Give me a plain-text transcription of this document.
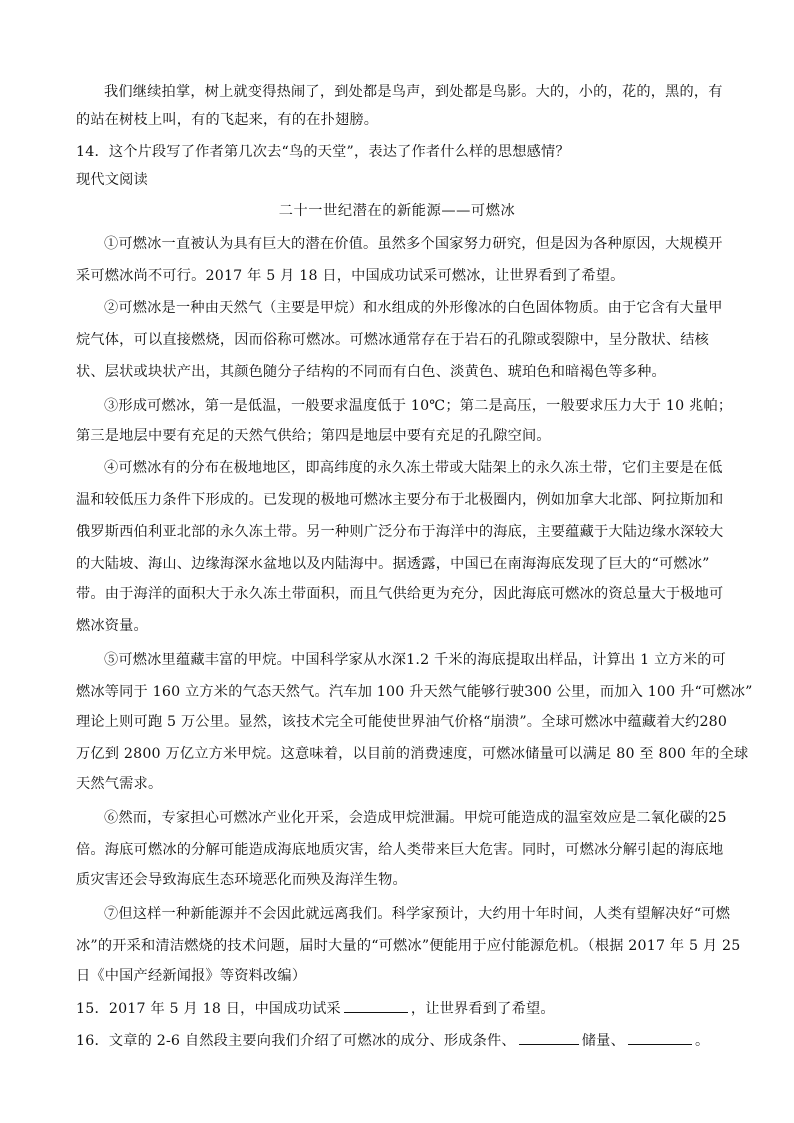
我们继续拍掌，树上就变得热闹了，到处都是鸟声，到处都是鸟影。大的，小的，花的，黑的，有
的站在树枝上叫，有的飞起来，有的在扑翅膀。
14．这个片段写了作者第几次去“鸟的天堂”，表达了作者什么样的思想感情？
现代文阅读
二十一世纪潜在的新能源——可燃冰
①可燃冰一直被认为具有巨大的潜在价值。虽然多个国家努力研究，但是因为各种原因，大规模开
采可燃冰尚不可行。2017 年 5 月 18 日，中国成功试采可燃冰，让世界看到了希望。
②可燃冰是一种由天然气（主要是甲烷）和水组成的外形像冰的白色固体物质。由于它含有大量甲
烷气体，可以直接燃烧，因而俗称可燃冰。可燃冰通常存在于岩石的孔隙或裂隙中，呈分散状、结核
状、层状或块状产出，其颜色随分子结构的不同而有白色、淡黄色、琥珀色和暗褐色等多种。
③形成可燃冰，第一是低温，一般要求温度低于 10℃；第二是高压，一般要求压力大于 10 兆帕；
第三是地层中要有充足的天然气供给；第四是地层中要有充足的孔隙空间。
④可燃冰有的分布在极地地区，即高纬度的永久冻土带或大陆架上的永久冻土带，它们主要是在低
温和较低压力条件下形成的。已发现的极地可燃冰主要分布于北极圈内，例如加拿大北部、阿拉斯加和
俄罗斯西伯利亚北部的永久冻土带。另一种则广泛分布于海洋中的海底，主要蕴藏于大陆边缘水深较大
的大陆坡、海山、边缘海深水盆地以及内陆海中。据透露，中国已在南海海底发现了巨大的“可燃冰”
带。由于海洋的面积大于永久冻土带面积，而且气供给更为充分，因此海底可燃冰的资总量大于极地可
燃冰资量。
⑤可燃冰里蕴藏丰富的甲烷。中国科学家从水深1.2 千米的海底提取出样品，计算出 1 立方米的可
燃冰等同于 160 立方米的气态天然气。汽车加 100 升天然气能够行驶300 公里，而加入 100 升“可燃冰”
理论上则可跑 5 万公里。显然，该技术完全可能使世界油气价格“崩溃”。全球可燃冰中蕴藏着大约280
万亿到 2800 万亿立方米甲烷。这意味着，以目前的消费速度，可燃冰储量可以满足 80 至 800 年的全球
天然气需求。
⑥然而，专家担心可燃冰产业化开采，会造成甲烷泄漏。甲烷可能造成的温室效应是二氧化碳的25
倍。海底可燃冰的分解可能造成海底地质灾害，给人类带来巨大危害。同时，可燃冰分解引起的海底地
质灾害还会导致海底生态环境恶化而殃及海洋生物。
⑦但这样一种新能源并不会因此就远离我们。科学家预计，大约用十年时间，人类有望解决好“可燃
冰”的开采和清洁燃烧的技术问题，届时大量的“可燃冰”便能用于应付能源危机。（根据 2017 年 5 月 25
日《中国产经新闻报》等资料改编）
15．2017 年 5 月 18 日，中国成功试采	，让世界看到了希望。
16．文章的 2-6 自然段主要向我们介绍了可燃冰的成分、形成条件、	储量、	。
